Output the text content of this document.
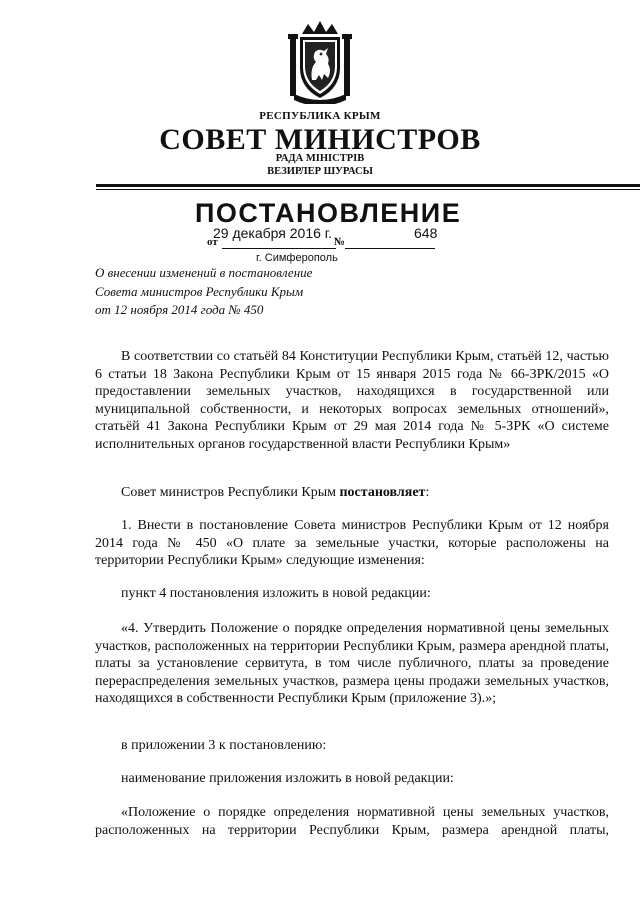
РЕСПУБЛИКА КРЫМ
СОВЕТ МИНИСТРОВ
РАДА МІНІСТРІВ
ВЕЗИРЛЕР ШУРАСЫ
ПОСТАНОВЛЕНИЕ
29 декабря 2016 г.	648
от	№
г. Симферополь
О внесении изменений в постановление
Совета министров Республики Крым
от 12 ноября 2014 года № 450

В соответствии со статьёй 84 Конституции Республики Крым, статьёй 12, частью 6 статьи 18 Закона Республики Крым от 15 января 2015 года № 66-ЗРК/2015 «О предоставлении земельных участков, находящихся в государственной или муниципальной собственности, и некоторых вопросах земельных отношений», статьёй 41 Закона Республики Крым от 29 мая 2014 года № 5-ЗРК «О системе исполнительных органов государственной власти Республики Крым»

Совет министров Республики Крым постановляет:

1. Внести в постановление Совета министров Республики Крым от 12 ноября 2014 года № 450 «О плате за земельные участки, которые расположены на территории Республики Крым» следующие изменения:

пункт 4 постановления изложить в новой редакции:

«4. Утвердить Положение о порядке определения нормативной цены земельных участков, расположенных на территории Республики Крым, размера арендной платы, платы за установление сервитута, в том числе публичного, платы за проведение перераспределения земельных участков, размера цены продажи земельных участков, находящихся в собственности Республики Крым (приложение 3).»;

в приложении 3 к постановлению:

наименование приложения изложить в новой редакции:

«Положение о порядке определения нормативной цены земельных участков, расположенных на территории Республики Крым, размера арендной платы,
